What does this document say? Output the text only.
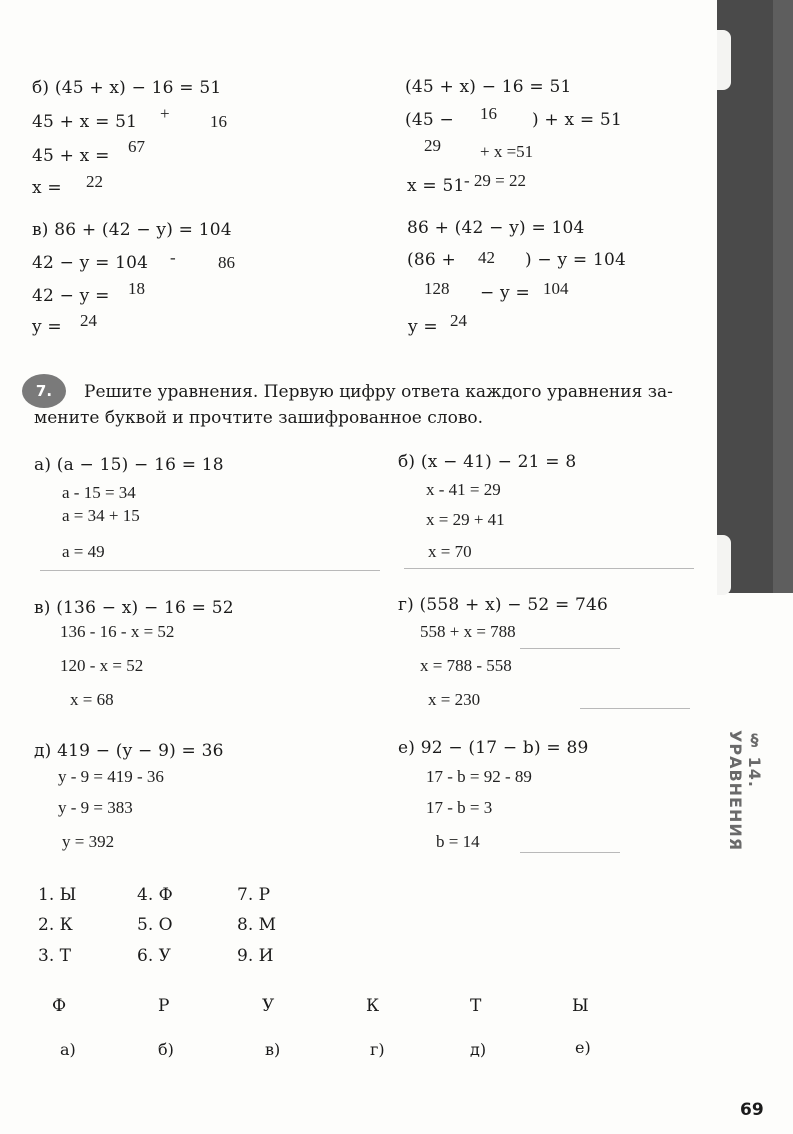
§ 14. УРАВНЕНИЯ
б) (45 + x) − 16 = 51
45 + x = 51 + 16
45 + x = 67
x = 22
в) 86 + (42 − y) = 104
42 − y = 104 - 86
42 − y = 18
y = 24
(45 + x) − 16 = 51
(45 − 16 ) + x = 51
29 + x =51
x = 51 - 29 = 22
86 + (42 − y) = 104
(86 + 42 ) − y = 104
128 − y = 104
y = 24
7.	Решите уравнения. Первую цифру ответа каждого уравнения за-
мените буквой и прочтите зашифрованное слово.
а) (a − 15) − 16 = 18
a - 15 = 34
a = 34 + 15
a = 49
б) (x − 41) − 21 = 8
x - 41 = 29
x = 29 + 41
x = 70
в) (136 − x) − 16 = 52
136 - 16 - x = 52
120 - x = 52
x = 68
г) (558 + x) − 52 = 746
558 + x = 788
x = 788 - 558
x = 230
д) 419 − (y − 9) = 36
y - 9 = 419 - 36
y - 9 = 383
y = 392
е) 92 − (17 − b) = 89
17 - b = 92 - 89
17 - b = 3
b = 14
1. Ы
2. К
3. Т
4. Ф
5. О
6. У
7. Р
8. М
9. И
Ф	Р	У	К	Т	Ы
а)	б)	в)	г)	д)	е)
69
